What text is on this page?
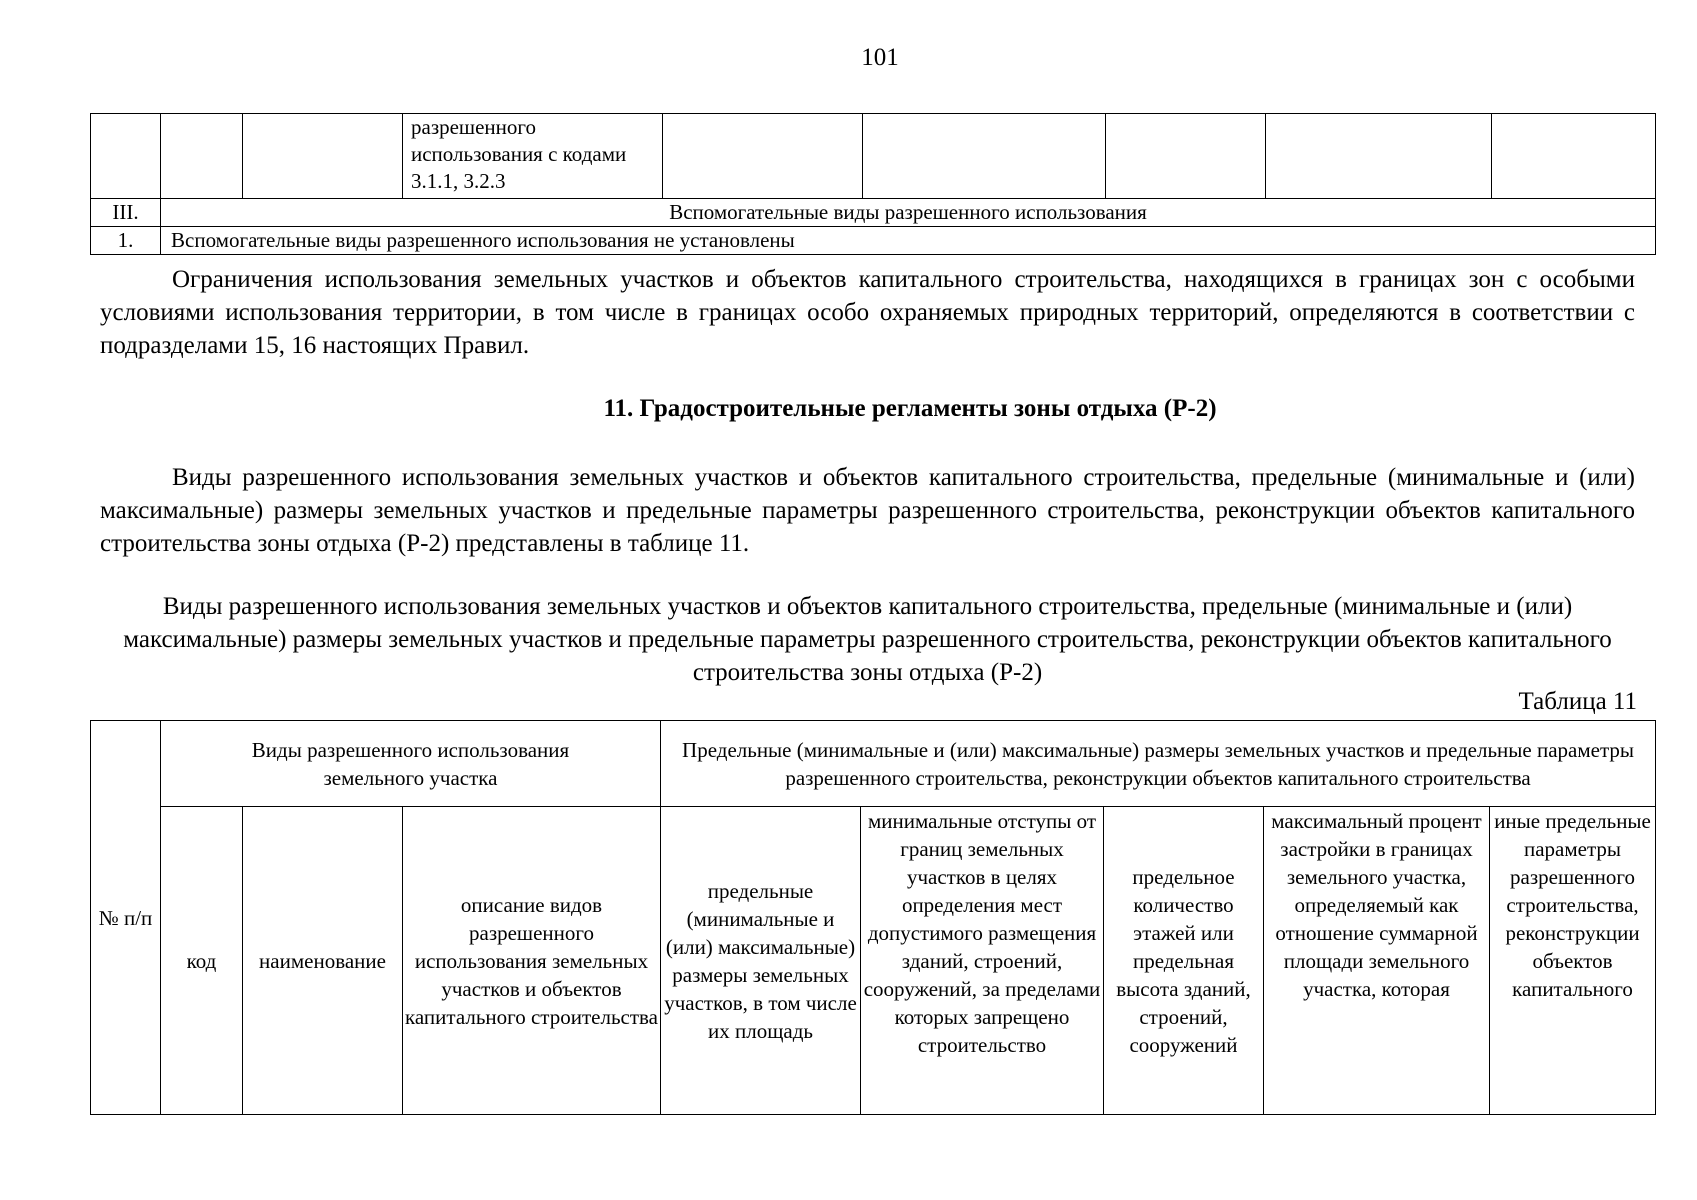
101
			разрешенного использования с кодами 3.1.1, 3.2.3					
III.	Вспомогательные виды разрешенного использования							
1.	Вспомогательные виды разрешенного использования не установлены							
Ограничения использования земельных участков и объектов капитального строительства, находящихся в границах зон с особыми условиями использования территории, в том числе в границах особо охраняемых природных территорий, определяются в соответствии с подразделами 15, 16 настоящих Правил.
11. Градостроительные регламенты зоны отдыха (Р-2)
Виды разрешенного использования земельных участков и объектов капитального строительства, предельные (минимальные и (или) максимальные) размеры земельных участков и предельные параметры разрешенного строительства, реконструкции объектов капитального строительства зоны отдыха (Р-2) представлены в таблице 11.
Виды разрешенного использования земельных участков и объектов капитального строительства, предельные (минимальные и (или) максимальные) размеры земельных участков и предельные параметры разрешенного строительства, реконструкции объектов капитального строительства зоны отдыха (Р-2)
Таблица 11
№ п/п	Виды разрешенного использования земельного участка			Предельные (минимальные и (или) максимальные) размеры земельных участков и предельные параметры разрешенного строительства, реконструкции объектов капитального строительства				
	код	наименование	описание видов разрешенного использования земельных участков и объектов капитального строительства	предельные (минимальные и (или) максимальные) размеры земельных участков, в том числе их площадь	минимальные отступы от границ земельных участков в целях определения мест допустимого размещения зданий, строений, сооружений, за пределами которых запрещено строительство	предельное количество этажей или предельная высота зданий, строений, сооружений	максимальный процент застройки в границах земельного участка, определяемый как отношение суммарной площади земельного участка, которая	иные предельные параметры разрешенного строительства, реконструкции объектов капитального
